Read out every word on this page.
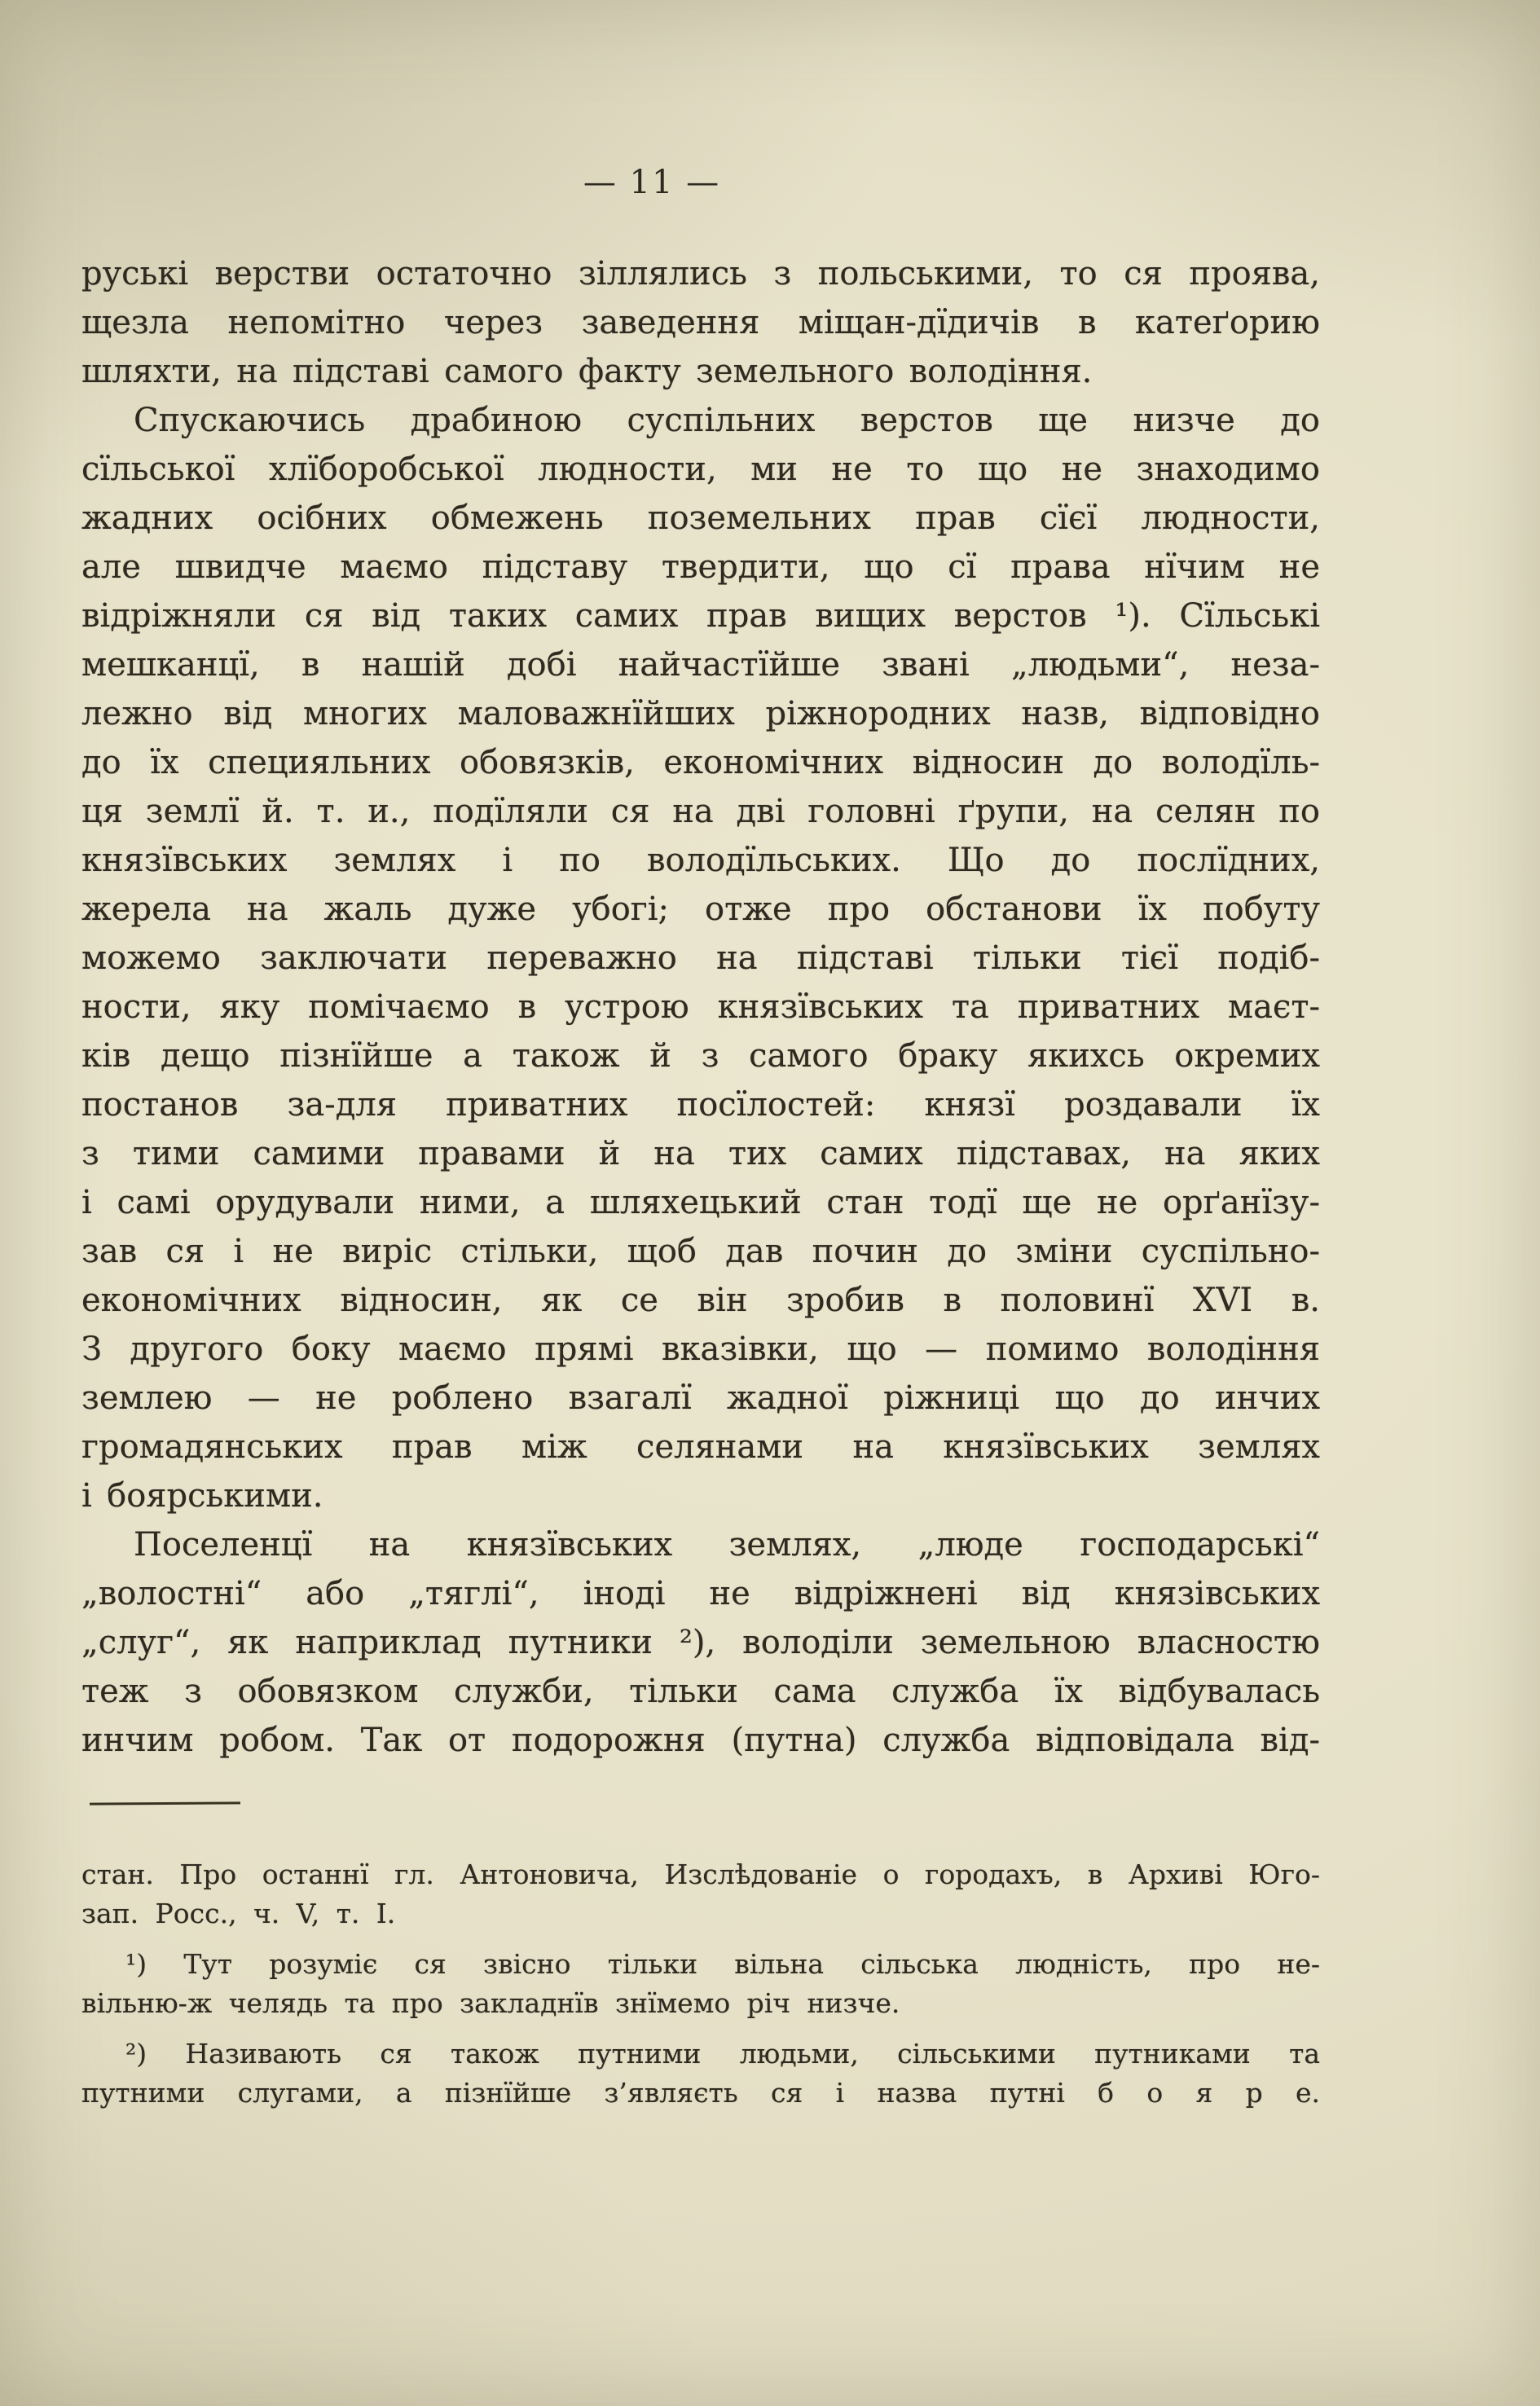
— 11 —
руські верстви остаточно зіллялись з польськими, то ся проява,
щезла непомітно через заведення міщан-дїдичів в катеґорию
шляхти, на підставі самого факту земельного володіння.
Спускаючись драбиною суспільних верстов ще низче до
сїльської хлїборобської людности, ми не то що не знаходимо
жадних осібних обмежень поземельних прав сїєї людности,
але швидче маємо підставу твердити, що сї права нїчим не
відріжняли ся від таких самих прав вищих верстов ¹). Сїльські
мешканцї, в нашій добі найчастїйше звані „людьми“, неза-
лежно від многих маловажнїйших ріжнородних назв, відповідно
до їх специяльних обовязків, економічних відносин до володїль-
ця землї й. т. и., подїляли ся на дві головні ґрупи, на селян по
князївських землях і по володїльських. Що до послїдних,
жерела на жаль дуже убогі; отже про обстанови їх побуту
можемо заключати переважно на підставі тільки тієї подіб-
ности, яку помічаємо в устрою князївських та приватних маєт-
ків дещо пізнїйше а також й з самого браку якихсь окремих
постанов за-для приватних посїлостей: князї роздавали їх
з тими самими правами й на тих самих підставах, на яких
і самі орудували ними, а шляхецький стан тодї ще не орґанїзу-
зав ся і не виріс стільки, щоб дав почин до зміни суспільно-
економічних відносин, як се він зробив в половинї XVI в.
З другого боку маємо прямі вказівки, що — помимо володіння
землею — не роблено взагалї жадної ріжниці що до инчих
громадянських прав між селянами на князївських землях
і боярськими.
Поселенцї на князївських землях, „люде господарські“
„волостні“ або „тяглі“, іноді не відріжнені від князівських
„слуг“, як наприклад путники ²), володіли земельною власностю
теж з обовязком служби, тільки сама служба їх відбувалась
инчим робом. Так от подорожня (путна) служба відповідала від-
стан. Про останнї гл. Антоновича, Изслѣдованіе о городахъ, в Архиві Юго-
зап. Росс., ч. V, т. I.
¹) Тут розуміє ся звісно тільки вільна сільська людність, про не-
вільню-ж челядь та про закладнїв знїмемо річ низче.
²) Називають ся також путними людьми, сільськими путниками та
путними слугами, а пізнїйше з’являєть ся і назва путні б о я р е.
